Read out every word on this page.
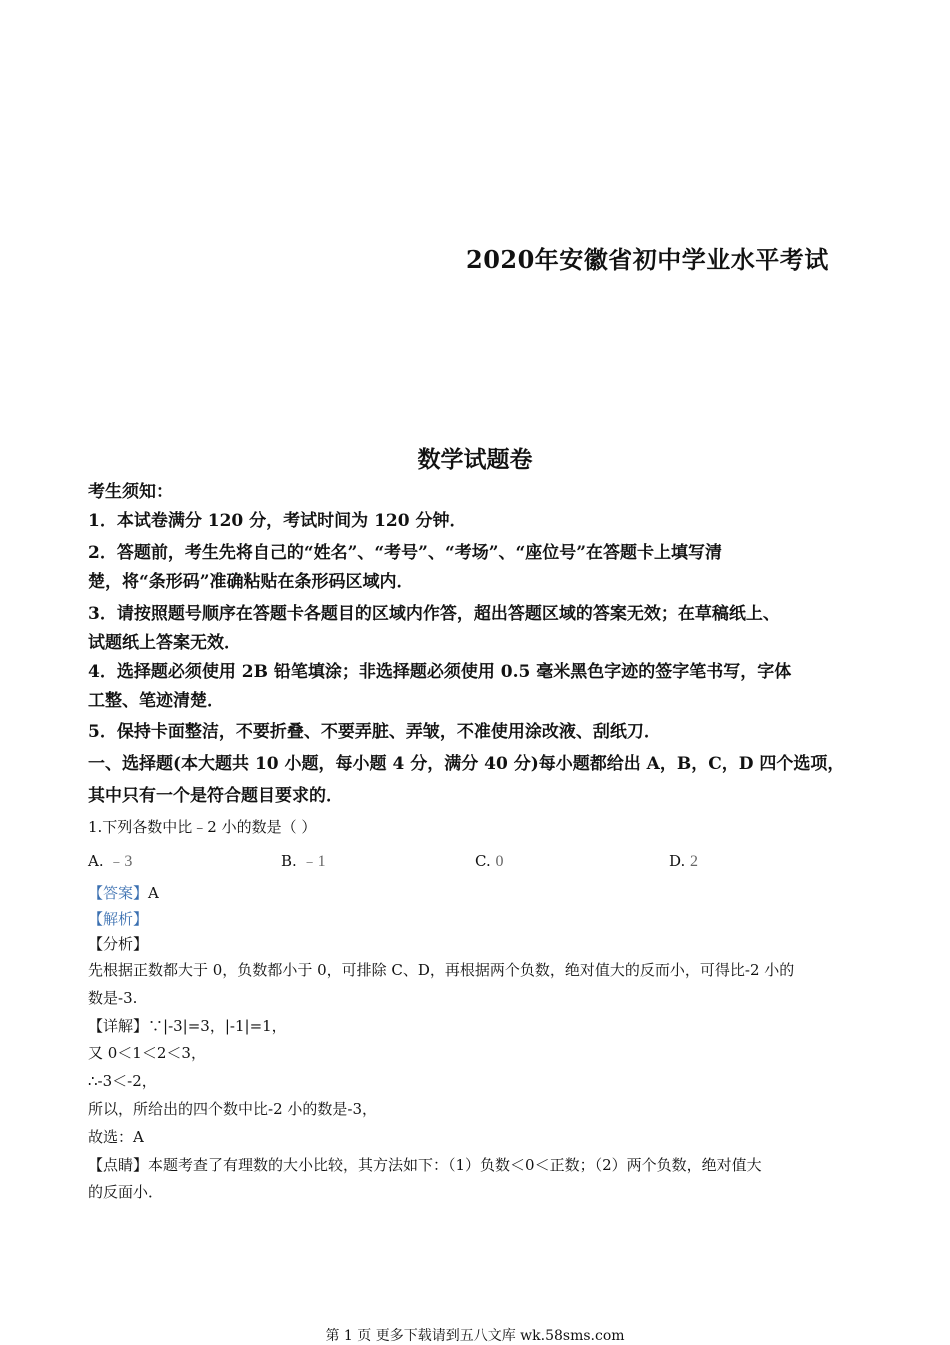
2020年安徽省初中学业水平考试
数学试题卷
考生须知：
1．本试卷满分 120 分，考试时间为 120 分钟．
2．答题前，考生先将自己的“姓名”、“考号”、“考场”、“座位号”在答题卡上填写清
楚，将“条形码”准确粘贴在条形码区域内．
3．请按照题号顺序在答题卡各题目的区域内作答，超出答题区域的答案无效；在草稿纸上、
试题纸上答案无效．
4．选择题必须使用 2B 铅笔填涂；非选择题必须使用 0.5 毫米黑色字迹的签字笔书写，字体
工整、笔迹清楚．
5．保持卡面整洁，不要折叠、不要弄脏、弄皱，不准使用涂改液、刮纸刀．
一、选择题(本大题共 10 小题，每小题 4 分，满分 40 分)每小题都给出 A，B，C，D 四个选项，
其中只有一个是符合题目要求的．
1.下列各数中比﹣2 小的数是（ ）
A. ﹣3	B. ﹣1	C. 0	D. 2
【答案】A
【解析】
【分析】
先根据正数都大于 0，负数都小于 0，可排除 C、D，再根据两个负数，绝对值大的反而小，可得比-2 小的
数是-3.
【详解】∵|-3|=3，|-1|=1，
又 0＜1＜2＜3，
∴-3＜-2，
所以，所给出的四个数中比-2 小的数是-3，
故选：A
【点睛】本题考查了有理数的大小比较，其方法如下：（1）负数＜0＜正数；（2）两个负数，绝对值大
的反面小．
第 1 页 更多下载请到五八文库 wk.58sms.com
